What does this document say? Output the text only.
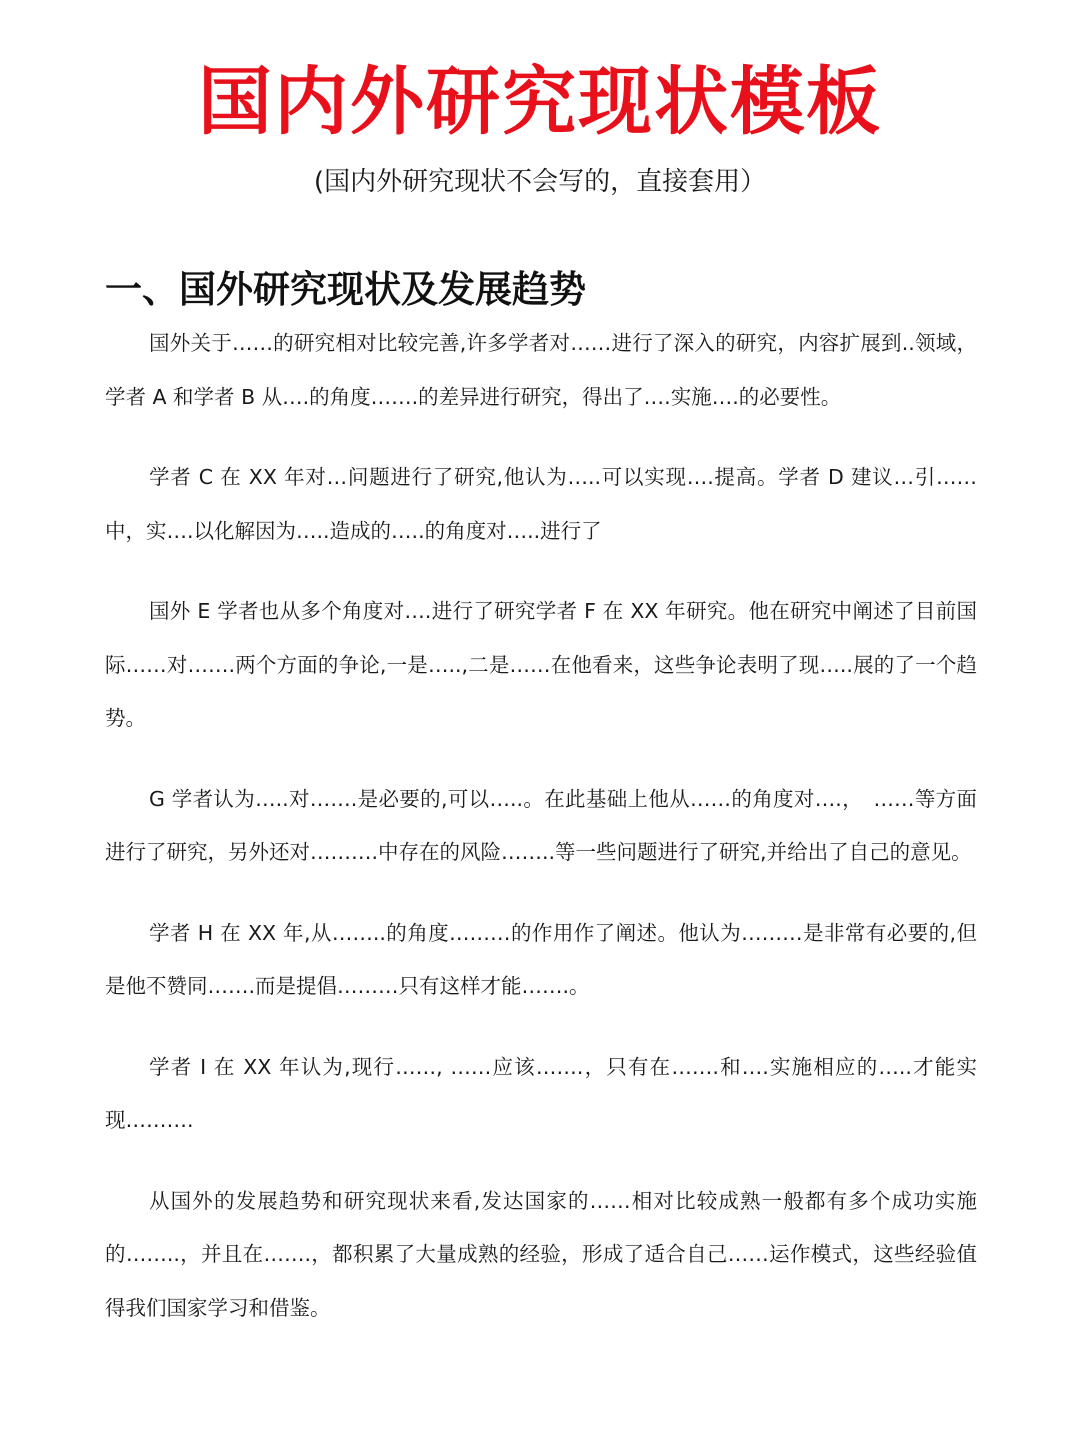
国内外研究现状模板
(国内外研究现状不会写的，直接套用）
一、国外研究现状及发展趋势

国外关于……的研究相对比较完善,许多学者对……进行了深入的研究，内容扩展到..领域，学者 A 和学者 B 从….的角度…….的差异进行研究，得出了….实施….的必要性。

学者 C 在 XX 年对…问题进行了研究,他认为…..可以实现….提高。学者 D 建议…引……中，实….以化解因为…..造成的…..的角度对…..进行了

国外 E 学者也从多个角度对….进行了研究学者 F 在 XX 年研究。他在研究中阐述了目前国际……对…….两个方面的争论,一是…..,二是……在他看来，这些争论表明了现…..展的了一个趋势。

G 学者认为…..对…….是必要的,可以…..。在此基础上他从……的角度对….，　……等方面进行了研究，另外还对……….中存在的风险……..等一些问题进行了研究,并给出了自己的意见。

学者 H 在 XX 年,从……..的角度………的作用作了阐述。他认为………是非常有必要的,但是他不赞同…….而是提倡………只有这样才能…….。

学者 I 在 XX 年认为,现行……, ……应该…….，只有在…….和….实施相应的…..才能实现……….

从国外的发展趋势和研究现状来看,发达国家的……相对比较成熟一般都有多个成功实施的……..，并且在…….，都积累了大量成熟的经验，形成了适合自己……运作模式，这些经验值得我们国家学习和借鉴。
